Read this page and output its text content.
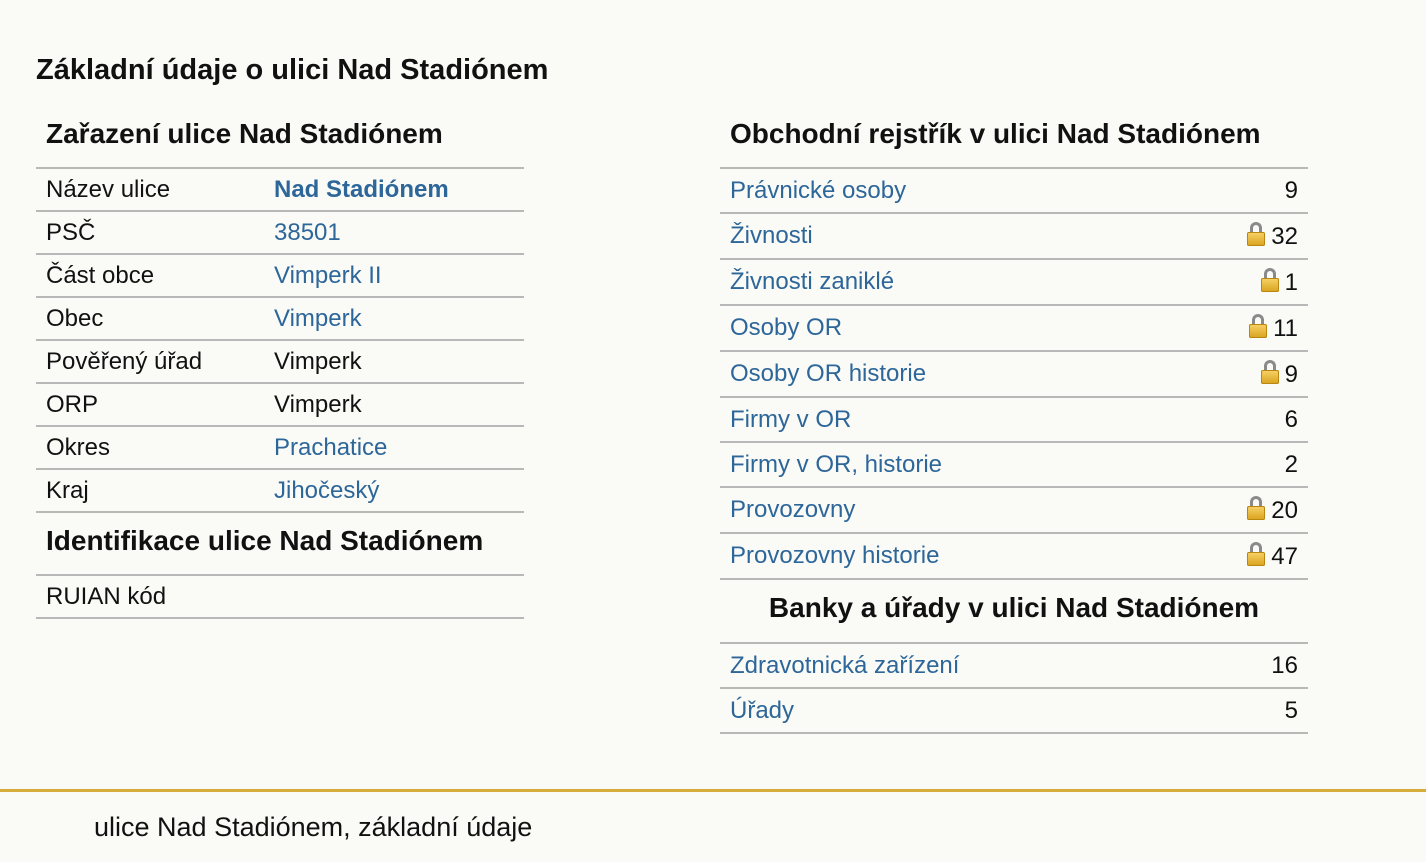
Základní údaje o ulici Nad Stadiónem
Zařazení ulice Nad Stadiónem
Název ulice	Nad Stadiónem
PSČ	38501
Část obce	Vimperk II
Obec	Vimperk
Pověřený úřad	Vimperk
ORP	Vimperk
Okres	Prachatice
Kraj	Jihočeský
Identifikace ulice Nad Stadiónem
RUIAN kód	
Obchodní rejstřík v ulici Nad Stadiónem
Právnické osoby	9
Živnosti	32
Živnosti zaniklé	1
Osoby OR	11
Osoby OR historie	9
Firmy v OR	6
Firmy v OR, historie	2
Provozovny	20
Provozovny historie	47
Banky a úřady v ulici Nad Stadiónem
Zdravotnická zařízení	16
Úřady	5
ulice Nad Stadiónem, základní údaje
